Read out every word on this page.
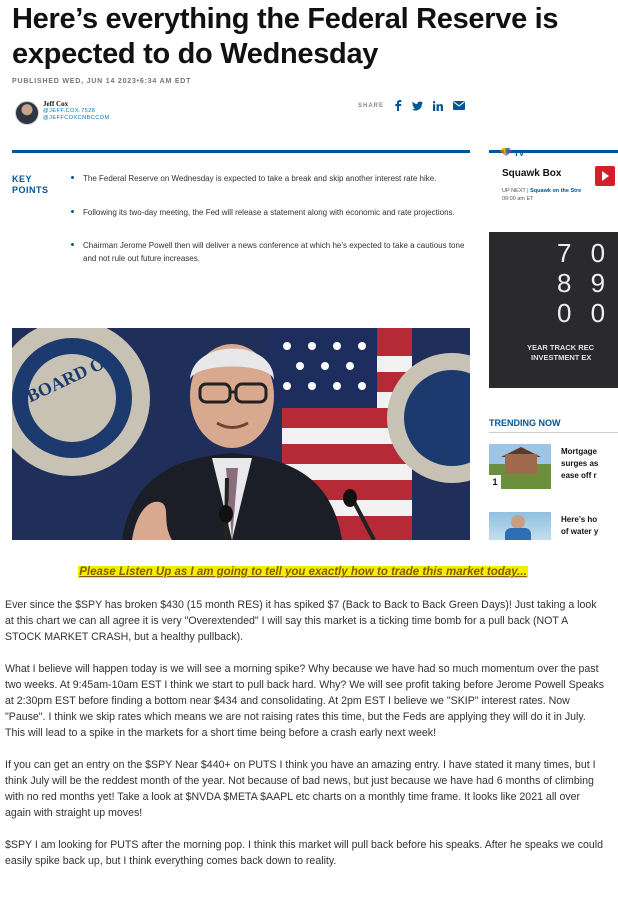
Here’s everything the Federal Reserve is expected to do Wednesday
PUBLISHED WED, JUN 14 2023•6:34 AM EDT
Jeff Cox
@JEFF.COX.7528
@JEFFCOXCNBCCOM
SHARE
KEY POINTS
The Federal Reserve on Wednesday is expected to take a break and skip another interest rate hike.
Following its two-day meeting, the Fed will release a statement along with economic and rate projections.
Chairman Jerome Powell then will deliver a news conference at which he’s expected to take a cautious tone and not rule out future increases.
BOARD OF
TV
Squawk Box
UP NEXT | Squawk on the Stre
09:00 am ET
7 0
8 9
0 0
YEAR TRACK REC
INVESTMENT EX
TRENDING NOW
1
Mortgage
surges as
ease off r
Here’s ho
of water y
Please Listen Up as I am going to tell you exactly how to trade this market today...

Ever since the $SPY has broken $430 (15 month RES) it has spiked $7 (Back to Back to Back Green Days)! Just taking a look at this chart we can all agree it is very "Overextended" I will say this market is a ticking time bomb for a pull back (NOT A STOCK MARKET CRASH, but a healthy pullback).

What I believe will happen today is we will see a morning spike? Why because we have had so much momentum over the past two weeks. At 9:45am-10am EST I think we start to pull back hard. Why? We will see profit taking before Jerome Powell Speaks at 2:30pm EST before finding a bottom near $434 and consolidating. At 2pm EST I believe we "SKIP" interest rates. Now "Pause". I think we skip rates which means we are not raising rates this time, but the Feds are applying they will do it in July. This will lead to a spike in the markets for a short time being before a crash early next week!

If you can get an entry on the $SPY Near $440+ on PUTS I think you have an amazing entry. I have stated it many times, but I think July will be the reddest month of the year. Not because of bad news, but just because we have had 6 months of climbing with no red months yet! Take a look at $NVDA $META $AAPL etc charts on a monthly time frame. It looks like 2021 all over again with straight up moves!

$SPY I am looking for PUTS after the morning pop. I think this market will pull back before his speaks. After he speaks we could easily spike back up, but I think everything comes back down to reality.
